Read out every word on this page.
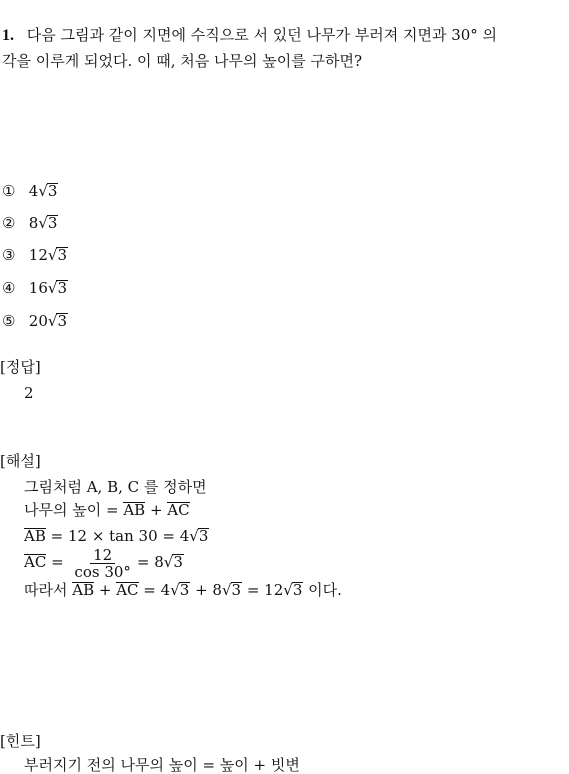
1. 다음 그림과 같이 지면에 수직으로 서 있던 나무가 부러져 지면과 30° 의
각을 이루게 되었다. 이 때, 처음 나무의 높이를 구하면?
① 4√3
② 8√3
③ 12√3
④ 16√3
⑤ 20√3
[정답]
2
[해설]
그림처럼 A, B, C 를 정하면
나무의 높이 = AB + AC
AB = 12 × tan 30 = 4√3
AC = $\frac{12}{\cos 30^\circ} = 8√3$
따라서 AB + AC = 4√3 + 8√3 = 12√3 이다.
[힌트]
부러지기 전의 나무의 높이 = 높이 + 빗변
